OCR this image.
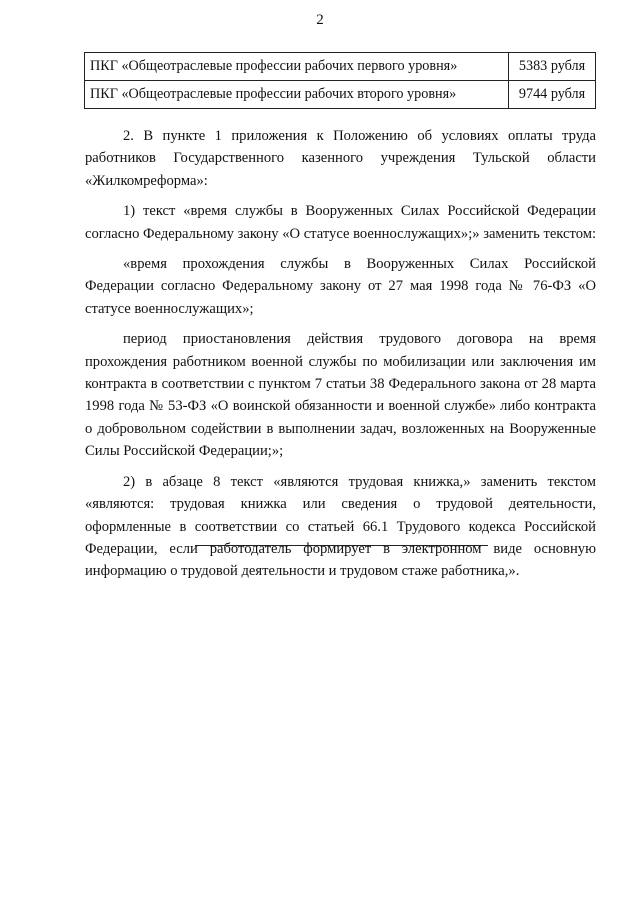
2
ПКГ «Общеотраслевые профессии рабочих первого уровня»	5383 рубля
ПКГ «Общеотраслевые профессии рабочих второго уровня»	9744 рубля

2. В пункте 1 приложения к Положению об условиях оплаты труда работников Государственного казенного учреждения Тульской области «Жилкомреформа»:

1) текст «время службы в Вооруженных Силах Российской Федерации согласно Федеральному закону «О статусе военнослужащих»;» заменить текстом:

«время прохождения службы в Вооруженных Силах Российской Федерации согласно Федеральному закону от 27 мая 1998 года № 76-ФЗ «О статусе военнослужащих»;

период приостановления действия трудового договора на время прохождения работником военной службы по мобилизации или заключения им контракта в соответствии с пунктом 7 статьи 38 Федерального закона от 28 марта 1998 года № 53-ФЗ «О воинской обязанности и военной службе» либо контракта о добровольном содействии в выполнении задач, возложенных на Вооруженные Силы Российской Федерации;»;

2) в абзаце 8 текст «являются трудовая книжка,» заменить текстом «являются: трудовая книжка или сведения о трудовой деятельности, оформленные в соответствии со статьей 66.1 Трудового кодекса Российской Федерации, если работодатель формирует в электронном виде основную информацию о трудовой деятельности и трудовом стаже работника,».
